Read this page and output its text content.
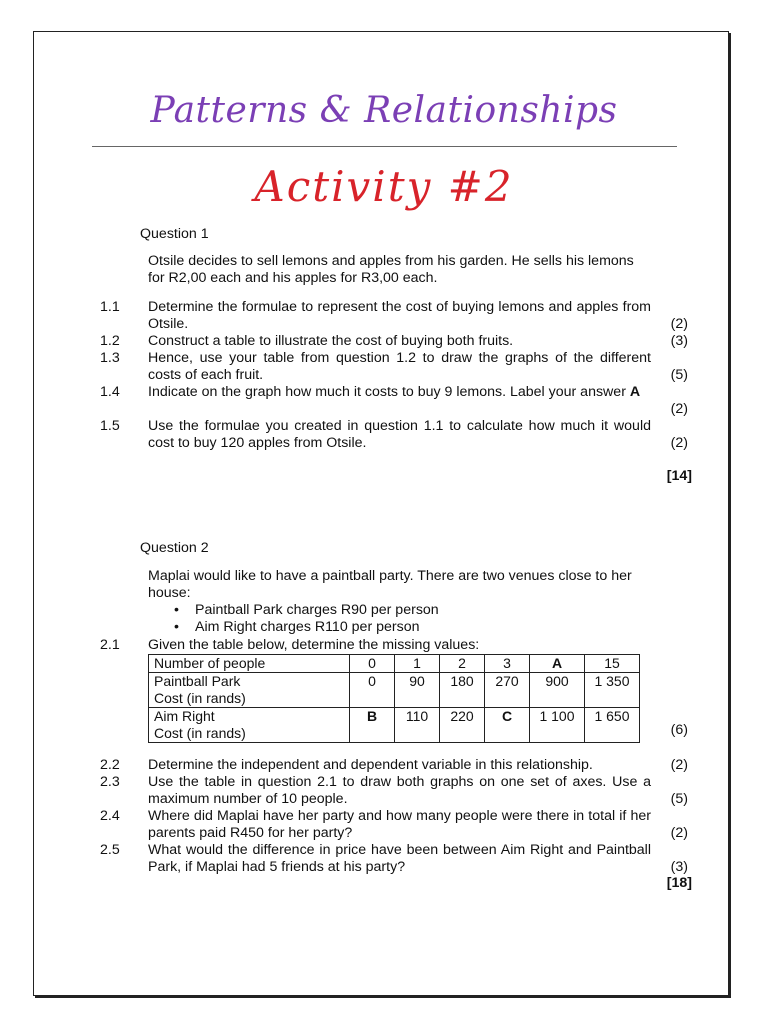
Patterns & Relationships
Activity #2
Question 1
Otsile decides to sell lemons and apples from his garden. He sells his lemons for R2,00 each and his apples for R3,00 each.
1.1 Determine the formulae to represent the cost of buying lemons and apples from Otsile.	(2)
1.2 Construct a table to illustrate the cost of buying both fruits.	(3)
1.3 Hence, use your table from question 1.2 to draw the graphs of the different costs of each fruit.	(5)
1.4 Indicate on the graph how much it costs to buy 9 lemons. Label your answer A
(2)
1.5 Use the formulae you created in question 1.1 to calculate how much it would cost to buy 120 apples from Otsile.	(2)
[14]
Question 2
Maplai would like to have a paintball party. There are two venues close to her house:
• Paintball Park charges R90 per person
• Aim Right charges R110 per person
2.1 Given the table below, determine the missing values:
Number of people	0	1	2	3	A	15
Paintball Park
Cost (in rands)	0	90	180	270	900	1 350
Aim Right
Cost (in rands)	B	110	220	C	1 100	1 650
(6)
2.2 Determine the independent and dependent variable in this relationship.	(2)
2.3 Use the table in question 2.1 to draw both graphs on one set of axes. Use a maximum number of 10 people.	(5)
2.4 Where did Maplai have her party and how many people were there in total if her parents paid R450 for her party?	(2)
2.5 What would the difference in price have been between Aim Right and Paintball Park, if Maplai had 5 friends at his party?	(3)
[18]
